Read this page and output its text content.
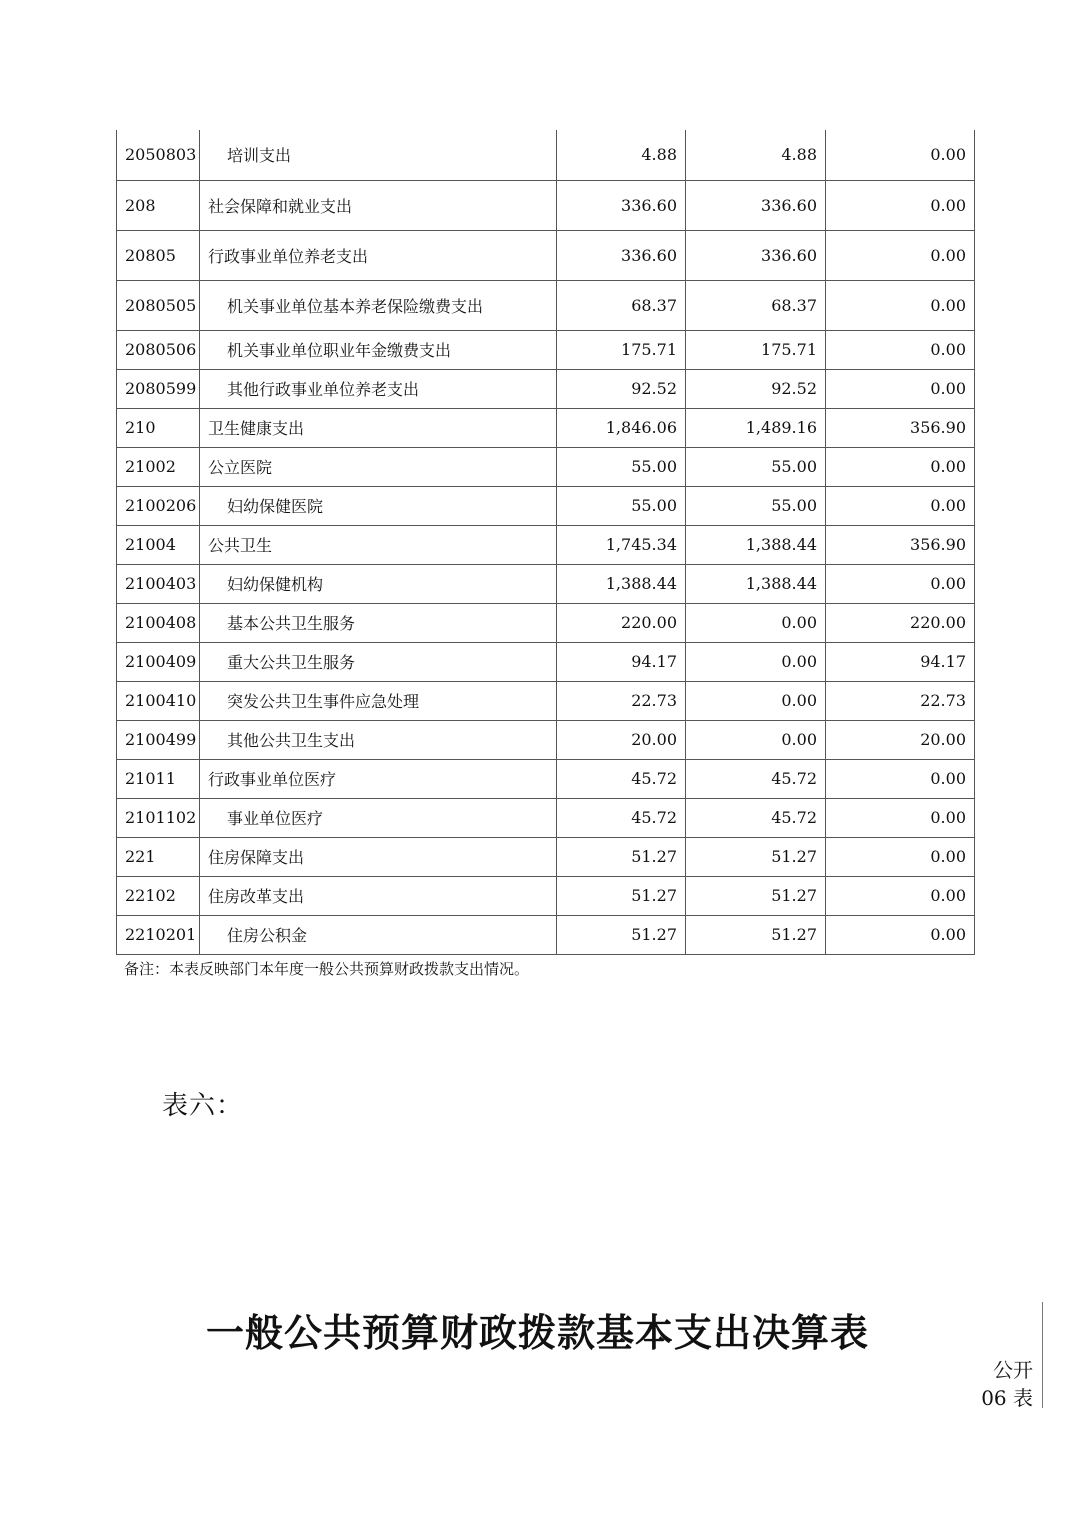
2050803	培训支出	4.88	4.88	0.00
208	社会保障和就业支出	336.60	336.60	0.00
20805	行政事业单位养老支出	336.60	336.60	0.00
2080505	机关事业单位基本养老保险缴费支出	68.37	68.37	0.00
2080506	机关事业单位职业年金缴费支出	175.71	175.71	0.00
2080599	其他行政事业单位养老支出	92.52	92.52	0.00
210	卫生健康支出	1,846.06	1,489.16	356.90
21002	公立医院	55.00	55.00	0.00
2100206	妇幼保健医院	55.00	55.00	0.00
21004	公共卫生	1,745.34	1,388.44	356.90
2100403	妇幼保健机构	1,388.44	1,388.44	0.00
2100408	基本公共卫生服务	220.00	0.00	220.00
2100409	重大公共卫生服务	94.17	0.00	94.17
2100410	突发公共卫生事件应急处理	22.73	0.00	22.73
2100499	其他公共卫生支出	20.00	0.00	20.00
21011	行政事业单位医疗	45.72	45.72	0.00
2101102	事业单位医疗	45.72	45.72	0.00
221	住房保障支出	51.27	51.27	0.00
22102	住房改革支出	51.27	51.27	0.00
2210201	住房公积金	51.27	51.27	0.00
备注：本表反映部门本年度一般公共预算财政拨款支出情况。
表六：
一般公共预算财政拨款基本支出决算表
公开
06 表
